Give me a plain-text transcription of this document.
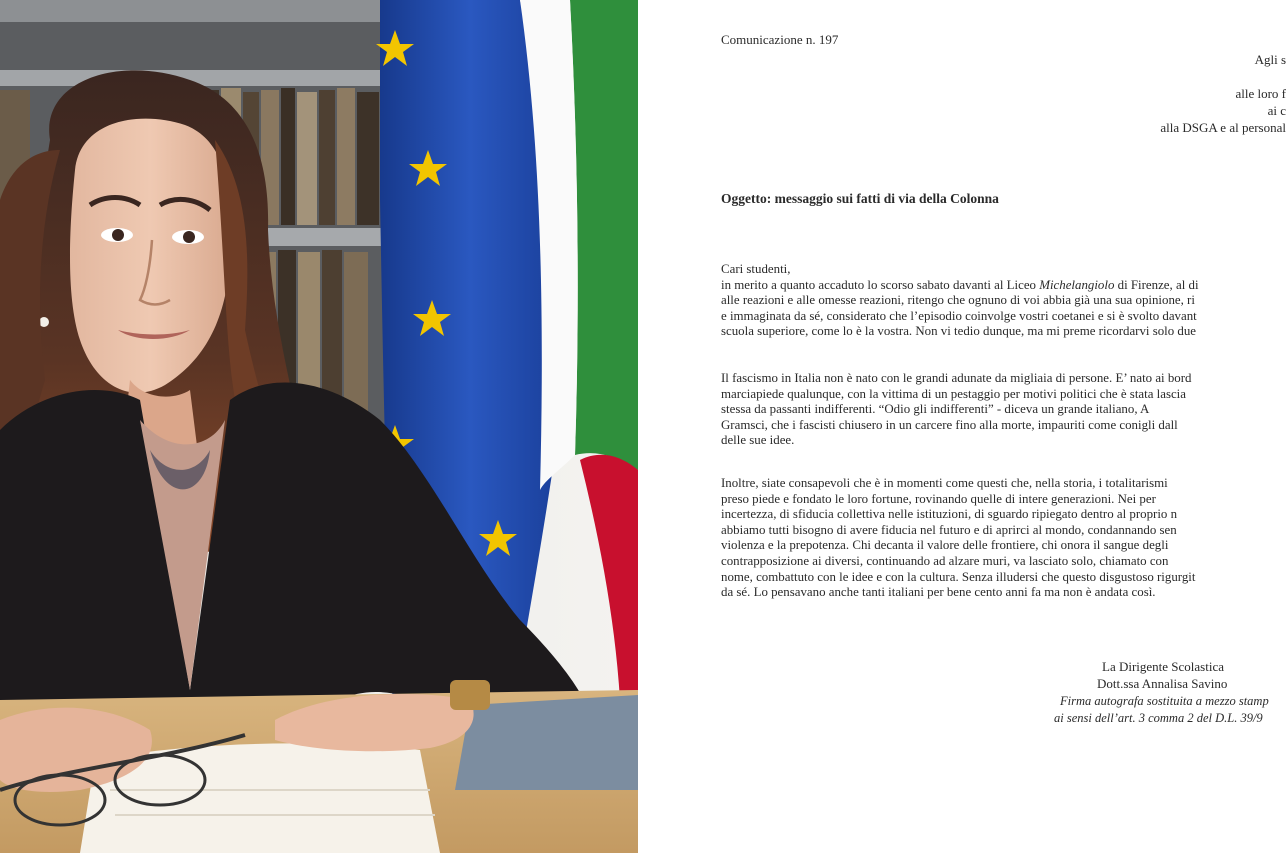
Comunicazione n. 197
Agli s
alle loro f
ai c
alla DSGA e al personal
Oggetto: messaggio sui fatti di via della Colonna
Cari studenti,
in merito a quanto accaduto lo scorso sabato davanti al Liceo Michelangiolo di Firenze, al di
alle reazioni e alle omesse reazioni, ritengo che ognuno di voi abbia già una sua opinione, ri
e immaginata da sé, considerato che l’episodio coinvolge vostri coetanei e si è svolto davant
scuola superiore, come lo è la vostra. Non vi tedio dunque, ma mi preme ricordarvi solo due
Il fascismo in Italia non è nato con le grandi adunate da migliaia di persone. E’ nato ai bord
marciapiede qualunque, con la vittima di un pestaggio per motivi politici che è stata lascia
stessa da passanti indifferenti. “Odio gli indifferenti” - diceva un grande italiano, A
Gramsci, che i fascisti chiusero in un carcere fino alla morte, impauriti come conigli dall
delle sue idee.
Inoltre, siate consapevoli che è in momenti come questi che, nella storia, i totalitarismi
preso piede e fondato le loro fortune, rovinando quelle di intere generazioni. Nei per
incertezza, di sfiducia collettiva nelle istituzioni, di sguardo ripiegato dentro al proprio n
abbiamo tutti bisogno di avere fiducia nel futuro e di aprirci al mondo, condannando sen
violenza e la prepotenza. Chi decanta il valore delle frontiere, chi onora il sangue degli
contrapposizione ai diversi, continuando ad alzare muri, va lasciato solo, chiamato con
nome, combattuto con le idee e con la cultura. Senza illudersi che questo disgustoso rigurgit
da sé. Lo pensavano anche tanti italiani per bene cento anni fa ma non è andata così.
La Dirigente Scolastica
Dott.ssa Annalisa Savino
Firma autografa sostituita a mezzo stamp
ai sensi dell’art. 3 comma 2 del D.L. 39/9
